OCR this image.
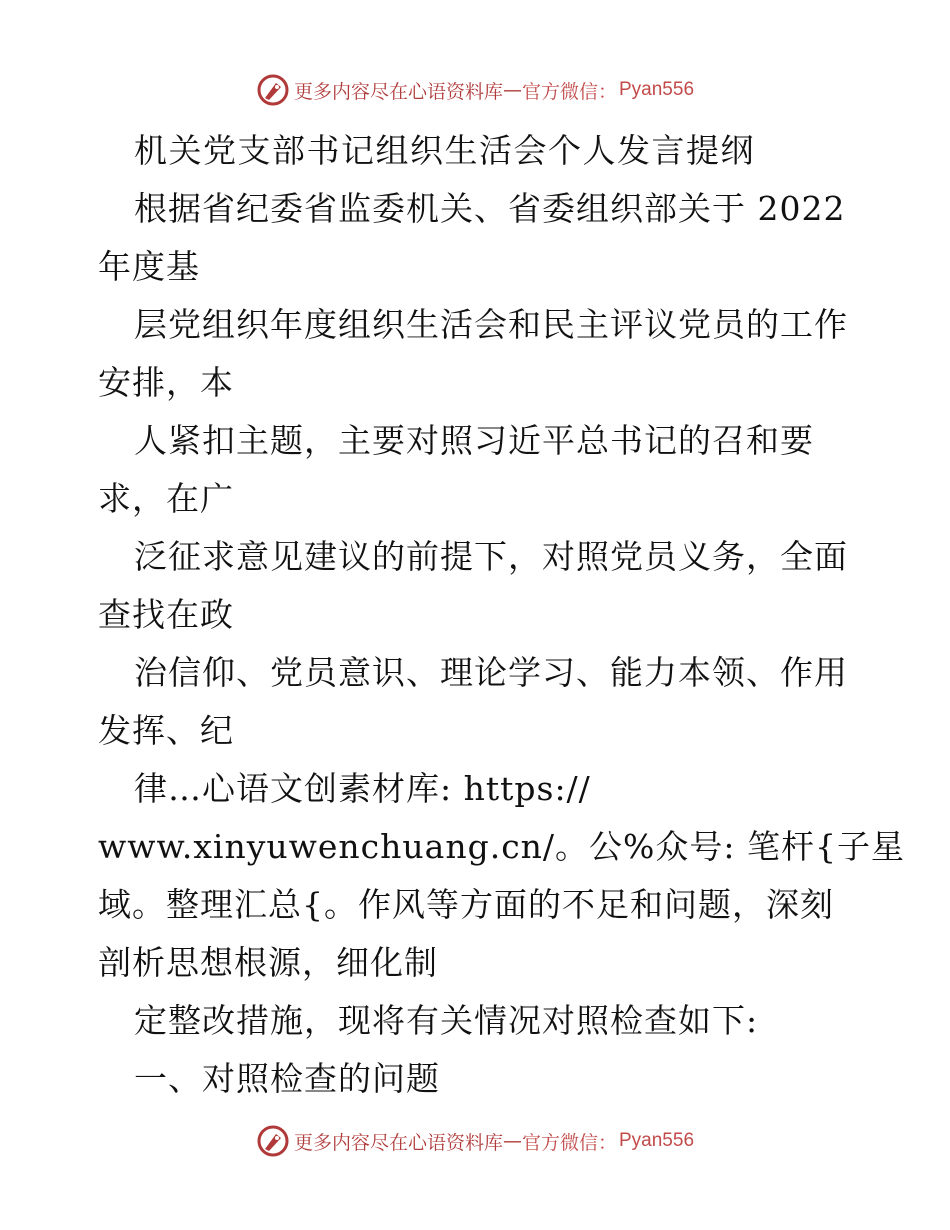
更多内容尽在心语资料库 — 官方微信： Pyan556
机关党支部书记组织生活会个人发言提纲
根据省纪委省监委机关、省委组织部关于 2022
年度基
层党组织年度组织生活会和民主评议党员的工作
安排，本
人紧扣主题，主要对照习近平总书记的召和要
求，在广
泛征求意见建议的前提下，对照党员义务，全面
查找在政
治信仰、党员意识、理论学习、能力本领、作用
发挥、纪
律…心语文创素材库: https://
www.xinyuwenchuang.cn/。公%众号: 笔杆{子星
域。整理汇总{。作风等方面的不足和问题，深刻
剖析思想根源，细化制
定整改措施，现将有关情况对照检查如下:
一、对照检查的问题
更多内容尽在心语资料库 — 官方微信： Pyan556
